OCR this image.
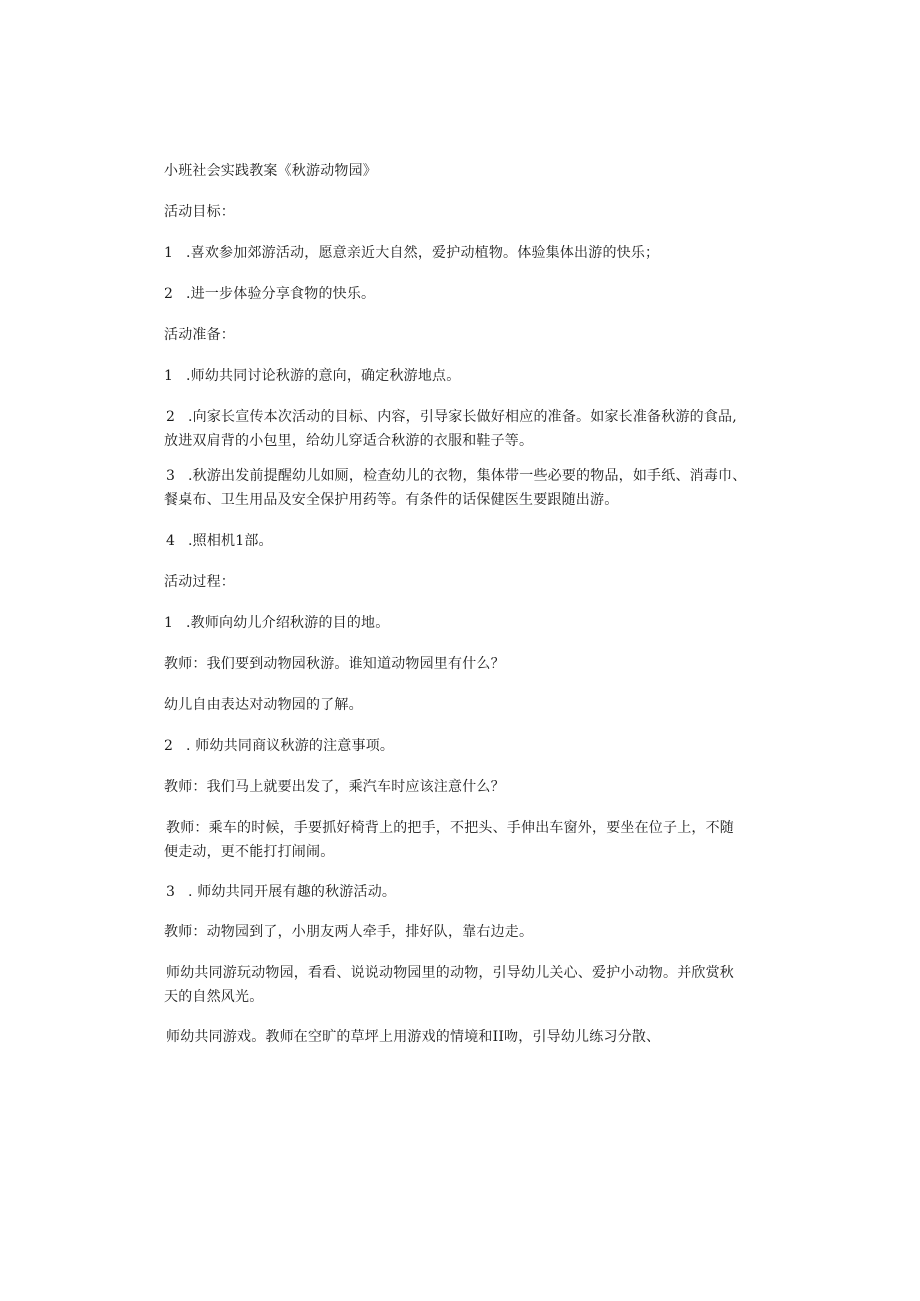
小班社会实践教案《秋游动物园》
活动目标：
1 .喜欢参加郊游活动，愿意亲近大自然，爱护动植物。体验集体出游的快乐；
2 .进一步体验分享食物的快乐。
活动准备：
1 .师幼共同讨论秋游的意向，确定秋游地点。
2 .向家长宣传本次活动的目标、内容，引导家长做好相应的准备。如家长准备秋游的食品,
放进双肩背的小包里，给幼儿穿适合秋游的衣服和鞋子等。
3 .秋游出发前提醒幼儿如厕，检查幼儿的衣物，集体带一些必要的物品，如手纸、消毒巾、
餐桌布、卫生用品及安全保护用药等。有条件的话保健医生要跟随出游。
4 .照相机1部。
活动过程：
1 .教师向幼儿介绍秋游的目的地。
教师：我们要到动物园秋游。谁知道动物园里有什么？
幼儿自由表达对动物园的了解。
2 . 师幼共同商议秋游的注意事项。
教师：我们马上就要出发了，乘汽车时应该注意什么？
教师：乘车的时候，手要抓好椅背上的把手，不把头、手伸出车窗外，要坐在位子上，不随
便走动，更不能打打闹闹。
3 . 师幼共同开展有趣的秋游活动。
教师：动物园到了，小朋友两人牵手，排好队，靠右边走。
师幼共同游玩动物园，看看、说说动物园里的动物，引导幼儿关心、爱护小动物。并欣赏秋
天的自然风光。
师幼共同游戏。教师在空旷的草坪上用游戏的情境和II吻，引导幼儿练习分散、
